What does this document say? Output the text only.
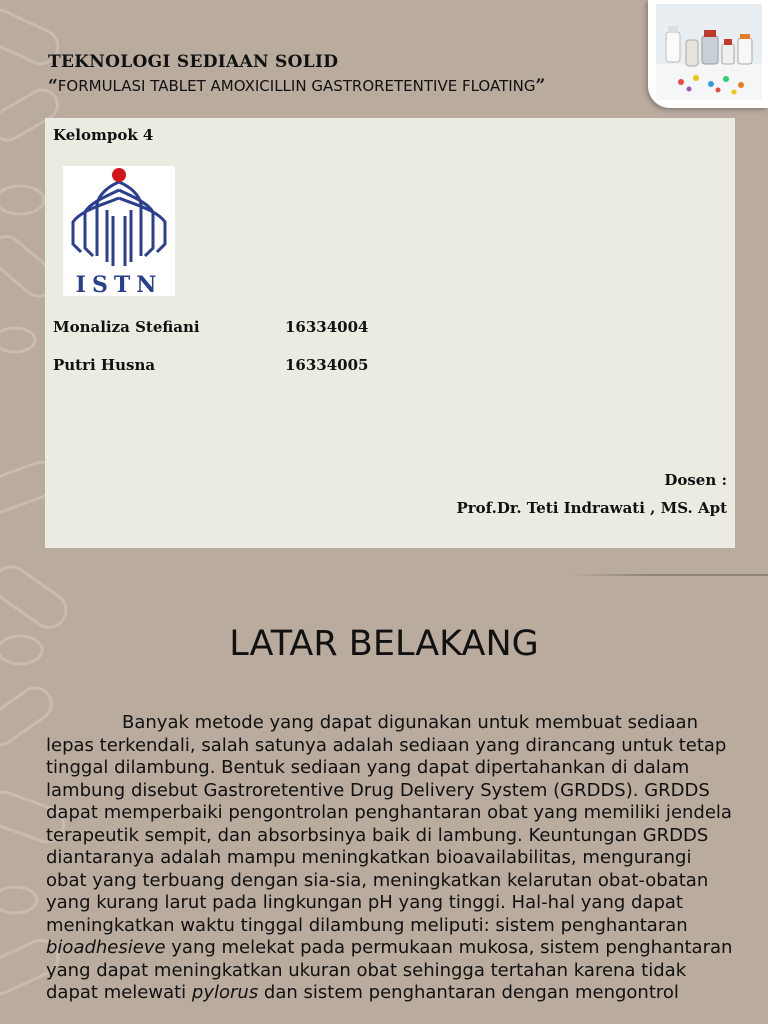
TEKNOLOGI SEDIAAN SOLID

“FORMULASI TABLET AMOXICILLIN GASTRORETENTIVE FLOATING”

Kelompok 4

ISTN
Monaliza Stefiani	16334004
Putri Husna	16334005

Dosen :

Prof.Dr. Teti Indrawati , MS. Apt

LATAR BELAKANG

Banyak metode yang dapat digunakan untuk membuat sediaan lepas terkendali, salah satunya adalah sediaan yang dirancang untuk tetap tinggal dilambung. Bentuk sediaan yang dapat dipertahankan di dalam lambung disebut Gastroretentive Drug Delivery System (GRDDS). GRDDS dapat memperbaiki pengontrolan penghantaran obat yang memiliki jendela terapeutik sempit, dan absorbsinya baik di lambung. Keuntungan GRDDS diantaranya adalah mampu meningkatkan bioavailabilitas, mengurangi obat yang terbuang dengan sia-sia, meningkatkan kelarutan obat-obatan yang kurang larut pada lingkungan pH yang tinggi. Hal-hal yang dapat meningkatkan waktu tinggal dilambung meliputi: sistem penghantaran bioadhesieve yang melekat pada permukaan mukosa, sistem penghantaran yang dapat meningkatkan ukuran obat sehingga tertahan karena tidak dapat melewati pylorus dan sistem penghantaran dengan mengontrol
